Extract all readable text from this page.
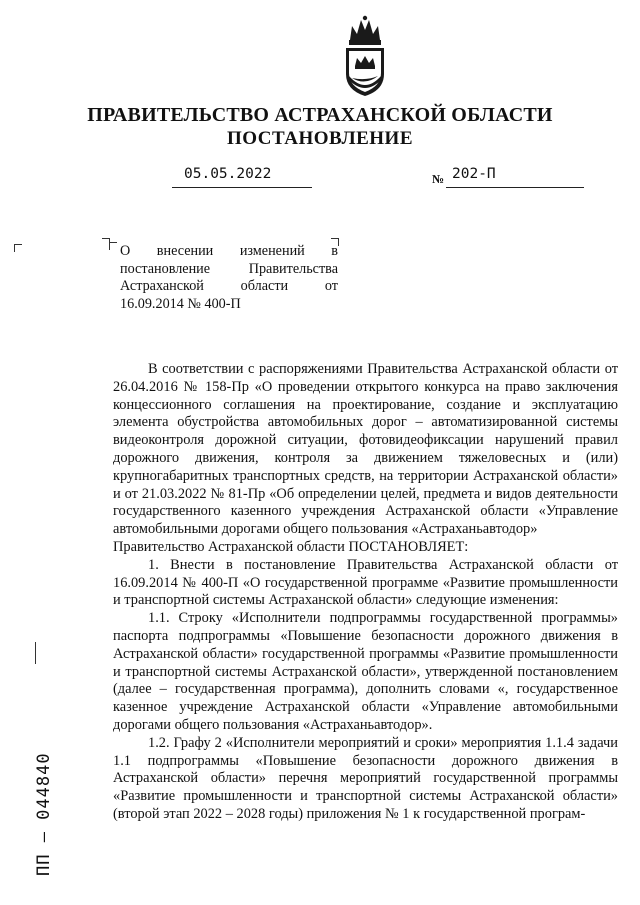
ПРАВИТЕЛЬСТВО АСТРАХАНСКОЙ ОБЛАСТИ
ПОСТАНОВЛЕНИЕ
05.05.2022	№ 202-П
О внесении изменений в постановление Правительства Астраханской области от 16.09.2014 № 400-П

В соответствии с распоряжениями Правительства Астраханской области от 26.04.2016 № 158-Пр «О проведении открытого конкурса на право заключения концессионного соглашения на проектирование, создание и эксплуатацию элемента обустройства автомобильных дорог – автоматизированной системы видеоконтроля дорожной ситуации, фотовидеофиксации нарушений правил дорожного движения, контроля за движением тяжеловесных и (или) крупногабаритных транспортных средств, на территории Астраханской области» и от 21.03.2022 № 81-Пр «Об определении целей, предмета и видов деятельности государственного казенного учреждения Астраханской области «Управление автомобильными дорогами общего пользования «Астраханьавтодор»

Правительство Астраханской области ПОСТАНОВЛЯЕТ:

1. Внести в постановление Правительства Астраханской области от 16.09.2014 № 400-П «О государственной программе «Развитие промышленности и транспортной системы Астраханской области» следующие изменения:

1.1. Строку «Исполнители подпрограммы государственной программы» паспорта подпрограммы «Повышение безопасности дорожного движения в Астраханской области» государственной программы «Развитие промышленности и транспортной системы Астраханской области», утвержденной постановлением (далее – государственная программа), дополнить словами «, государственное казенное учреждение Астраханской области «Управление автомобильными дорогами общего пользования «Астраханьавтодор».

1.2. Графу 2 «Исполнители мероприятий и сроки» мероприятия 1.1.4 задачи 1.1 подпрограммы «Повышение безопасности дорожного движения в Астраханской области» перечня мероприятий государственной программы «Развитие промышленности и транспортной системы Астраханской области» (второй этап 2022 – 2028 годы) приложения № 1 к государственной програм-

ПП – 044840
